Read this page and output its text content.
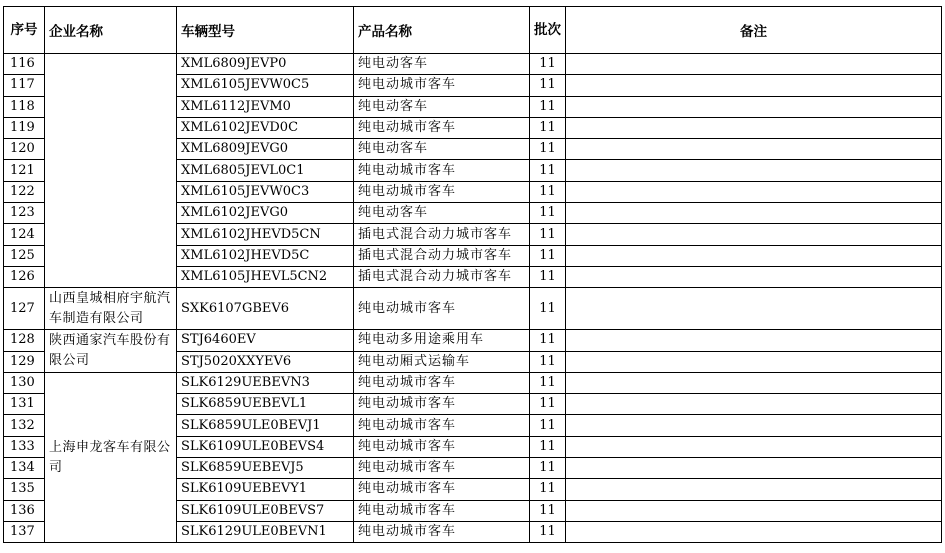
序号	企业名称	车辆型号	产品名称	批次	备注
116		XML6809JEVP0	纯电动客车	11	
117		XML6105JEVW0C5	纯电动城市客车	11	
118		XML6112JEVM0	纯电动客车	11	
119		XML6102JEVD0C	纯电动城市客车	11	
120		XML6809JEVG0	纯电动客车	11	
121		XML6805JEVL0C1	纯电动城市客车	11	
122		XML6105JEVW0C3	纯电动城市客车	11	
123		XML6102JEVG0	纯电动客车	11	
124		XML6102JHEVD5CN	插电式混合动力城市客车	11	
125		XML6102JHEVD5C	插电式混合动力城市客车	11	
126		XML6105JHEVL5CN2	插电式混合动力城市客车	11	
127	山西皇城相府宇航汽车制造有限公司	SXK6107GBEV6	纯电动城市客车	11	
128	陕西通家汽车股份有限公司	STJ6460EV	纯电动多用途乘用车	11	
129		STJ5020XXYEV6	纯电动厢式运输车	11	
130	上海申龙客车有限公司	SLK6129UEBEVN3	纯电动城市客车	11	
131		SLK6859UEBEVL1	纯电动城市客车	11	
132		SLK6859ULE0BEVJ1	纯电动城市客车	11	
133		SLK6109ULE0BEVS4	纯电动城市客车	11	
134		SLK6859UEBEVJ5	纯电动城市客车	11	
135		SLK6109UEBEVY1	纯电动城市客车	11	
136		SLK6109ULE0BEVS7	纯电动城市客车	11	
137		SLK6129ULE0BEVN1	纯电动城市客车	11	
